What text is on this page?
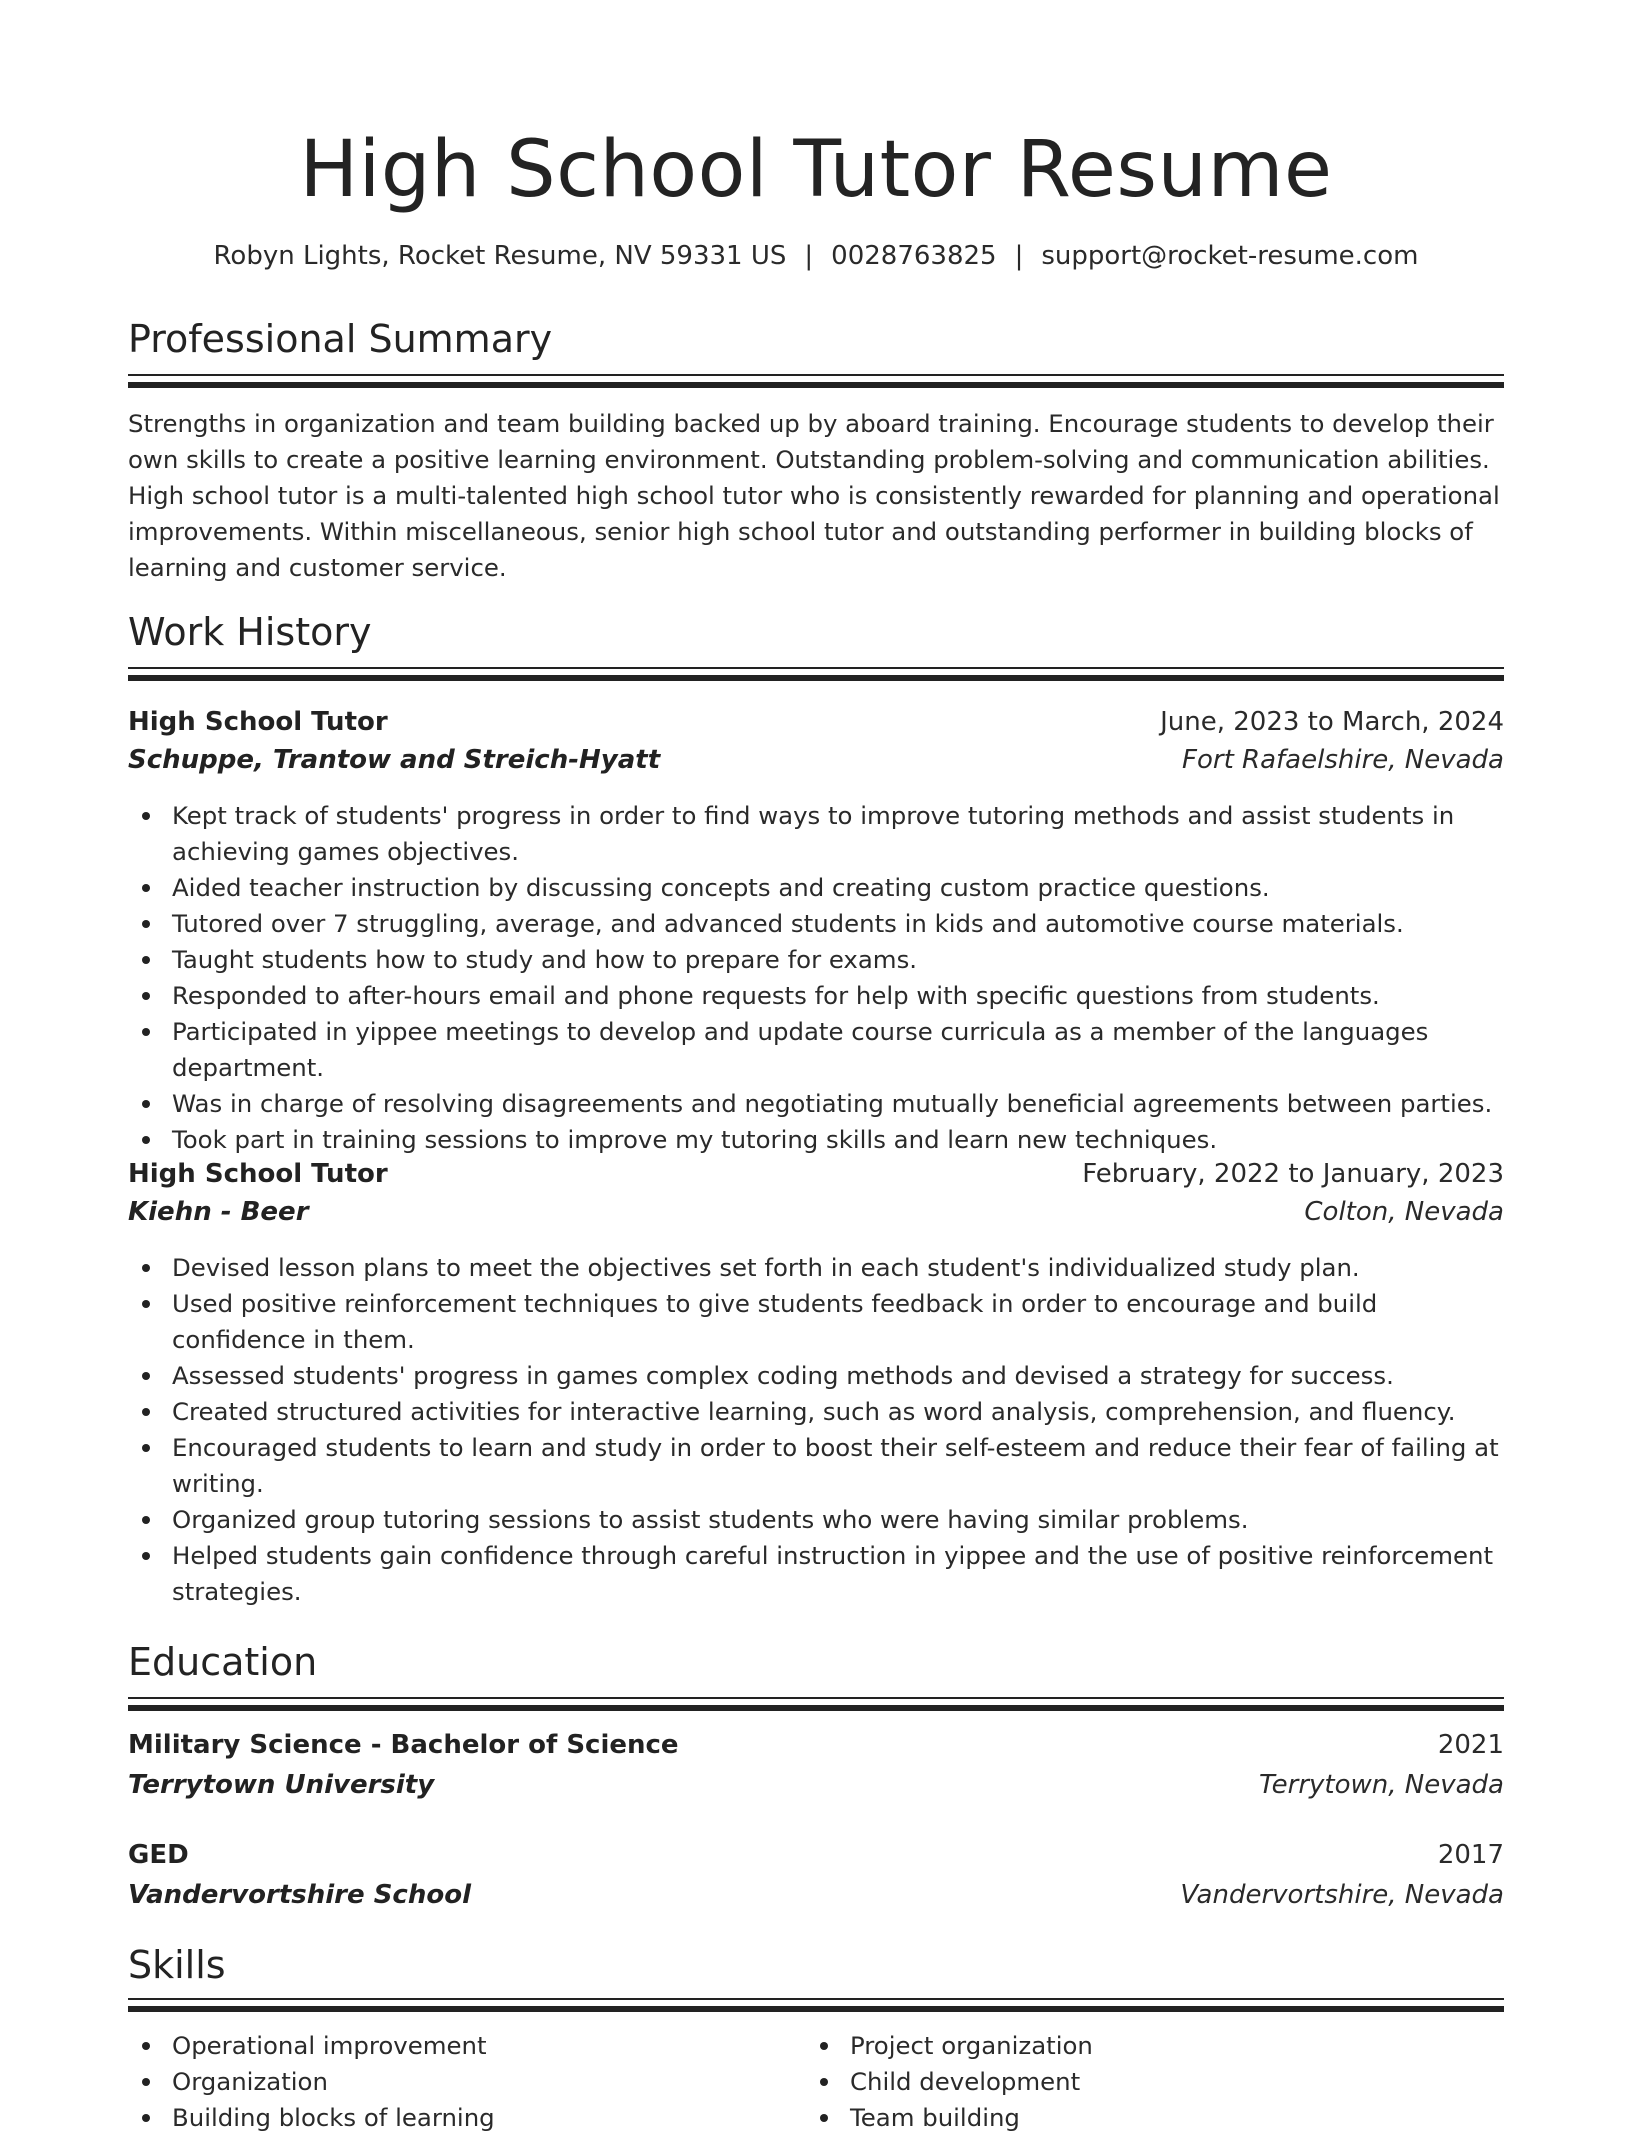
High School Tutor Resume
Robyn Lights, Rocket Resume, NV 59331 US | 0028763825 | support@rocket-resume.com
Professional Summary

Strengths in organization and team building backed up by aboard training. Encourage students to develop their own skills to create a positive learning environment. Outstanding problem-solving and communication abilities. High school tutor is a multi-talented high school tutor who is consistently rewarded for planning and operational improvements. Within miscellaneous, senior high school tutor and outstanding performer in building blocks of learning and customer service.

Work History
High School Tutor	June, 2023 to March, 2024
Schuppe, Trantow and Streich-Hyatt	Fort Rafaelshire, Nevada
Kept track of students' progress in order to find ways to improve tutoring methods and assist students in achieving games objectives.
Aided teacher instruction by discussing concepts and creating custom practice questions.
Tutored over 7 struggling, average, and advanced students in kids and automotive course materials.
Taught students how to study and how to prepare for exams.
Responded to after-hours email and phone requests for help with specific questions from students.
Participated in yippee meetings to develop and update course curricula as a member of the languages department.
Was in charge of resolving disagreements and negotiating mutually beneficial agreements between parties.
Took part in training sessions to improve my tutoring skills and learn new techniques.
High School Tutor	February, 2022 to January, 2023
Kiehn - Beer	Colton, Nevada
Devised lesson plans to meet the objectives set forth in each student's individualized study plan.
Used positive reinforcement techniques to give students feedback in order to encourage and build confidence in them.
Assessed students' progress in games complex coding methods and devised a strategy for success.
Created structured activities for interactive learning, such as word analysis, comprehension, and fluency.
Encouraged students to learn and study in order to boost their self-esteem and reduce their fear of failing at writing.
Organized group tutoring sessions to assist students who were having similar problems.
Helped students gain confidence through careful instruction in yippee and the use of positive reinforcement strategies.
Education
Military Science - Bachelor of Science	2021
Terrytown University	Terrytown, Nevada
GED	2017
Vandervortshire School	Vandervortshire, Nevada
Skills
Operational improvement
Organization
Building blocks of learning
Project organization
Child development
Team building
